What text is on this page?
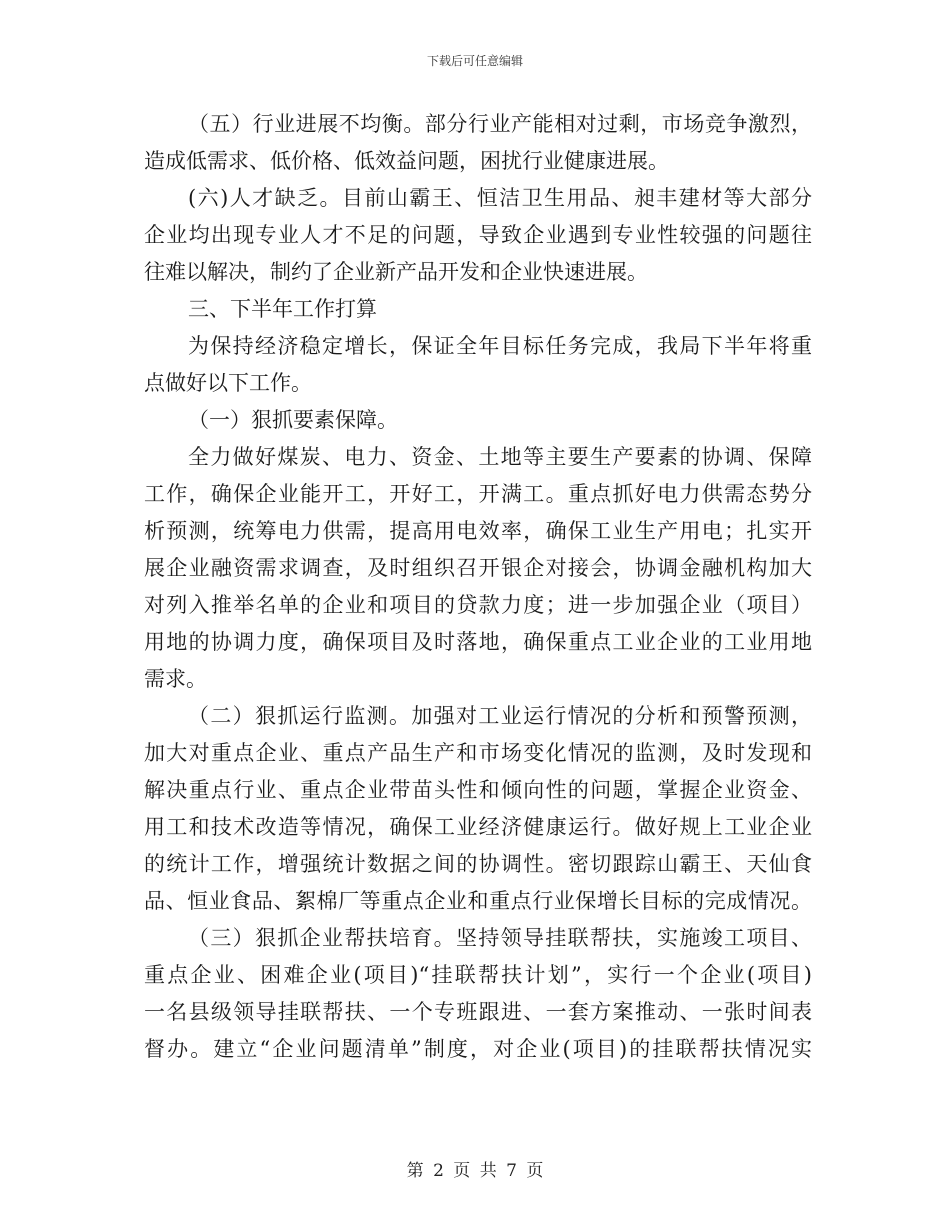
下载后可任意编辑
（五）行业进展不均衡。部分行业产能相对过剩，市场竞争激烈，
造成低需求、低价格、低效益问题，困扰行业健康进展。
(六)人才缺乏。目前山霸王、恒洁卫生用品、昶丰建材等大部分
企业均出现专业人才不足的问题，导致企业遇到专业性较强的问题往
往难以解决，制约了企业新产品开发和企业快速进展。
三、下半年工作打算
为保持经济稳定增长，保证全年目标任务完成，我局下半年将重
点做好以下工作。
（一）狠抓要素保障。
全力做好煤炭、电力、资金、土地等主要生产要素的协调、保障
工作，确保企业能开工，开好工，开满工。重点抓好电力供需态势分
析预测，统筹电力供需，提高用电效率，确保工业生产用电；扎实开
展企业融资需求调查，及时组织召开银企对接会，协调金融机构加大
对列入推举名单的企业和项目的贷款力度；进一步加强企业（项目）
用地的协调力度，确保项目及时落地，确保重点工业企业的工业用地
需求。
（二）狠抓运行监测。加强对工业运行情况的分析和预警预测，
加大对重点企业、重点产品生产和市场变化情况的监测，及时发现和
解决重点行业、重点企业带苗头性和倾向性的问题，掌握企业资金、
用工和技术改造等情况，确保工业经济健康运行。做好规上工业企业
的统计工作，增强统计数据之间的协调性。密切跟踪山霸王、天仙食
品、恒业食品、絮棉厂等重点企业和重点行业保增长目标的完成情况。
（三）狠抓企业帮扶培育。坚持领导挂联帮扶，实施竣工项目、
重点企业、困难企业(项目)“挂联帮扶计划”，实行一个企业(项目)
一名县级领导挂联帮扶、一个专班跟进、一套方案推动、一张时间表
督办。建立“企业问题清单”制度，对企业(项目)的挂联帮扶情况实
第 2 页 共 7 页
